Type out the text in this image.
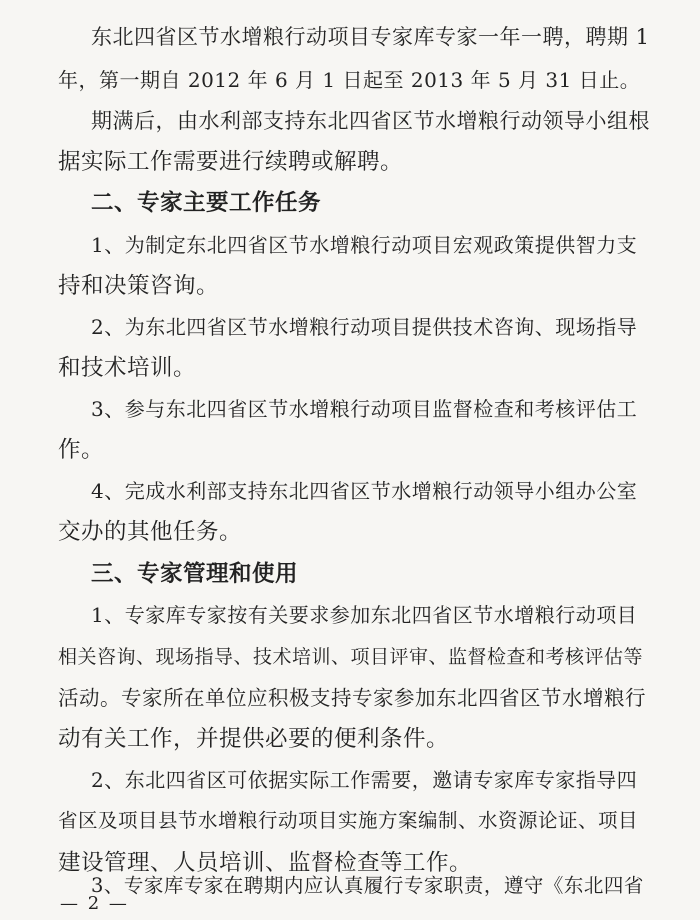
东北四省区节水增粮行动项目专家库专家一年一聘，聘期 1
年，第一期自 2012 年 6 月 1 日起至 2013 年 5 月 31 日止。
期满后，由水利部支持东北四省区节水增粮行动领导小组根
据实际工作需要进行续聘或解聘。
二、专家主要工作任务
1、为制定东北四省区节水增粮行动项目宏观政策提供智力支
持和决策咨询。
2、为东北四省区节水增粮行动项目提供技术咨询、现场指导
和技术培训。
3、参与东北四省区节水增粮行动项目监督检查和考核评估工
作。
4、完成水利部支持东北四省区节水增粮行动领导小组办公室
交办的其他任务。
三、专家管理和使用
1、专家库专家按有关要求参加东北四省区节水增粮行动项目
相关咨询、现场指导、技术培训、项目评审、监督检查和考核评估等
活动。专家所在单位应积极支持专家参加东北四省区节水增粮行
动有关工作，并提供必要的便利条件。
2、东北四省区可依据实际工作需要，邀请专家库专家指导四
省区及项目县节水增粮行动项目实施方案编制、水资源论证、项目
建设管理、人员培训、监督检查等工作。
3、专家库专家在聘期内应认真履行专家职责，遵守《东北四省
— 2 —
